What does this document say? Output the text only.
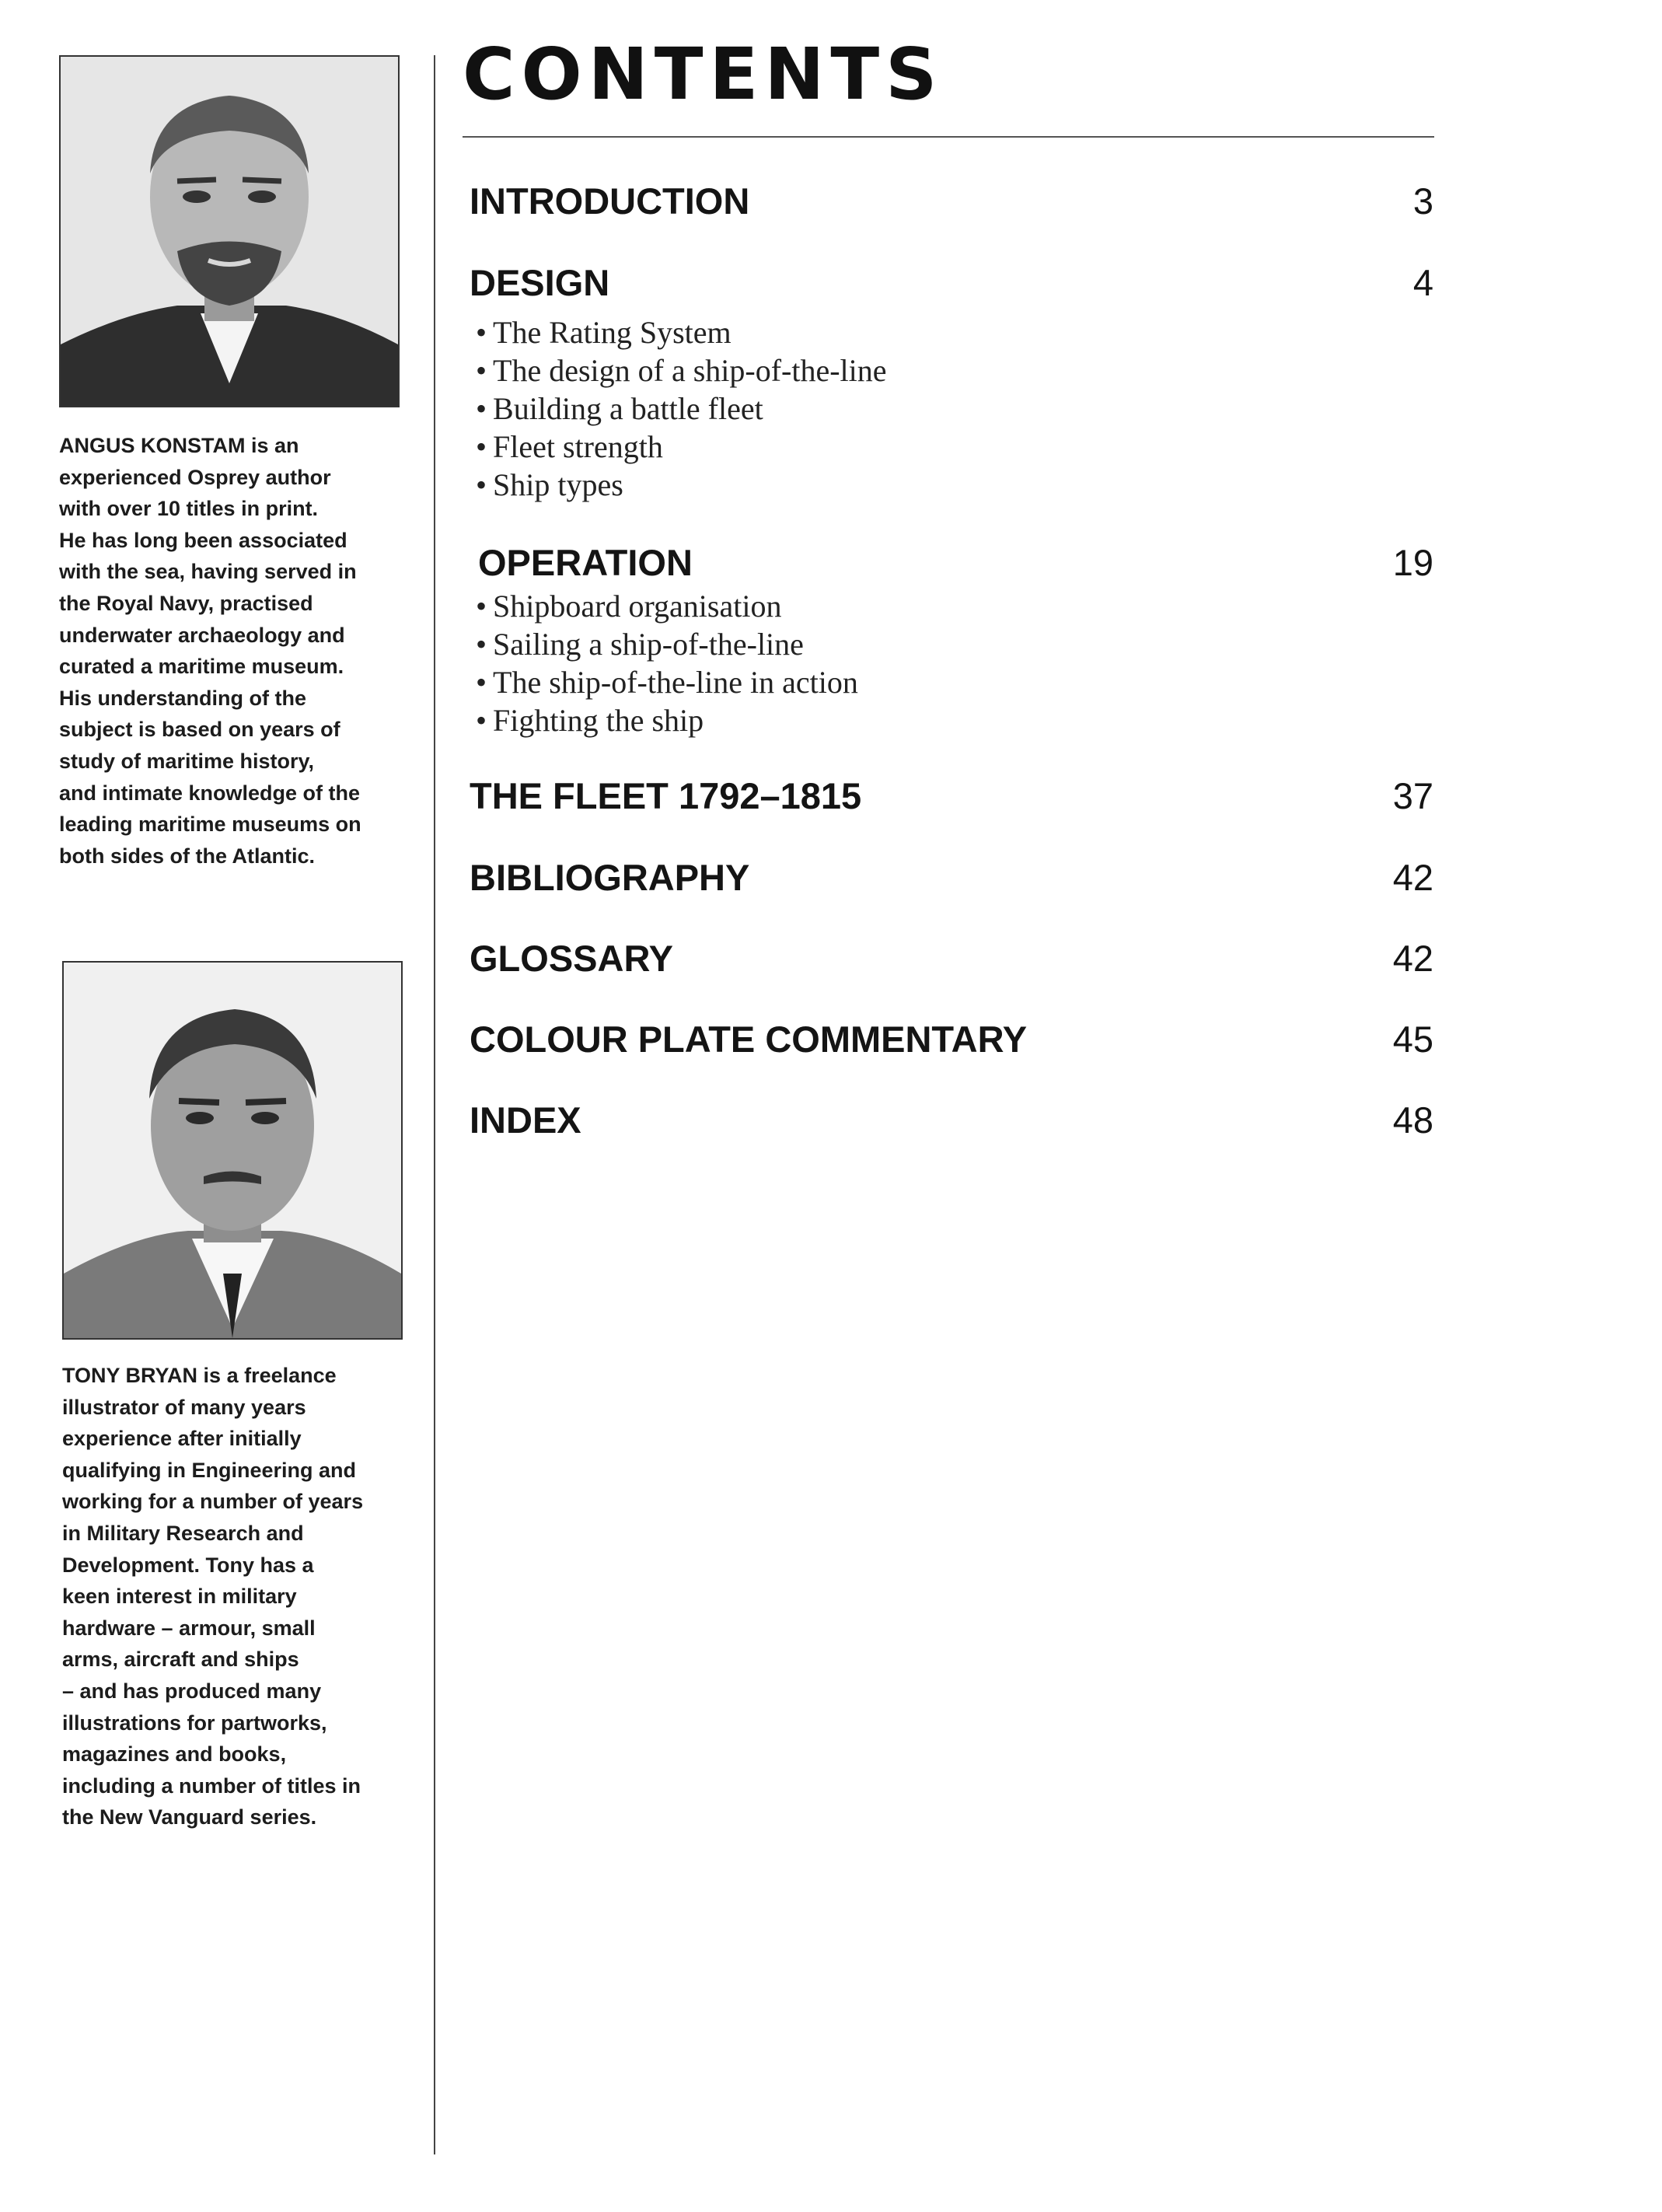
ANGUS KONSTAM is an
experienced Osprey author
with over 10 titles in print.
He has long been associated
with the sea, having served in
the Royal Navy, practised
underwater archaeology and
curated a maritime museum.
His understanding of the
subject is based on years of
study of maritime history,
and intimate knowledge of the
leading maritime museums on
both sides of the Atlantic.
TONY BRYAN is a freelance
illustrator of many years
experience after initially
qualifying in Engineering and
working for a number of years
in Military Research and
Development. Tony has a
keen interest in military
hardware – armour, small
arms, aircraft and ships
– and has produced many
illustrations for partworks,
magazines and books,
including a number of titles in
the New Vanguard series.
CONTENTS
INTRODUCTION	3
DESIGN	4
• The Rating System
• The design of a ship-of-the-line
• Building a battle fleet
• Fleet strength
• Ship types
OPERATION	19
• Shipboard organisation
• Sailing a ship-of-the-line
• The ship-of-the-line in action
• Fighting the ship
THE FLEET 1792–1815	37
BIBLIOGRAPHY	42
GLOSSARY	42
COLOUR PLATE COMMENTARY	45
INDEX	48
